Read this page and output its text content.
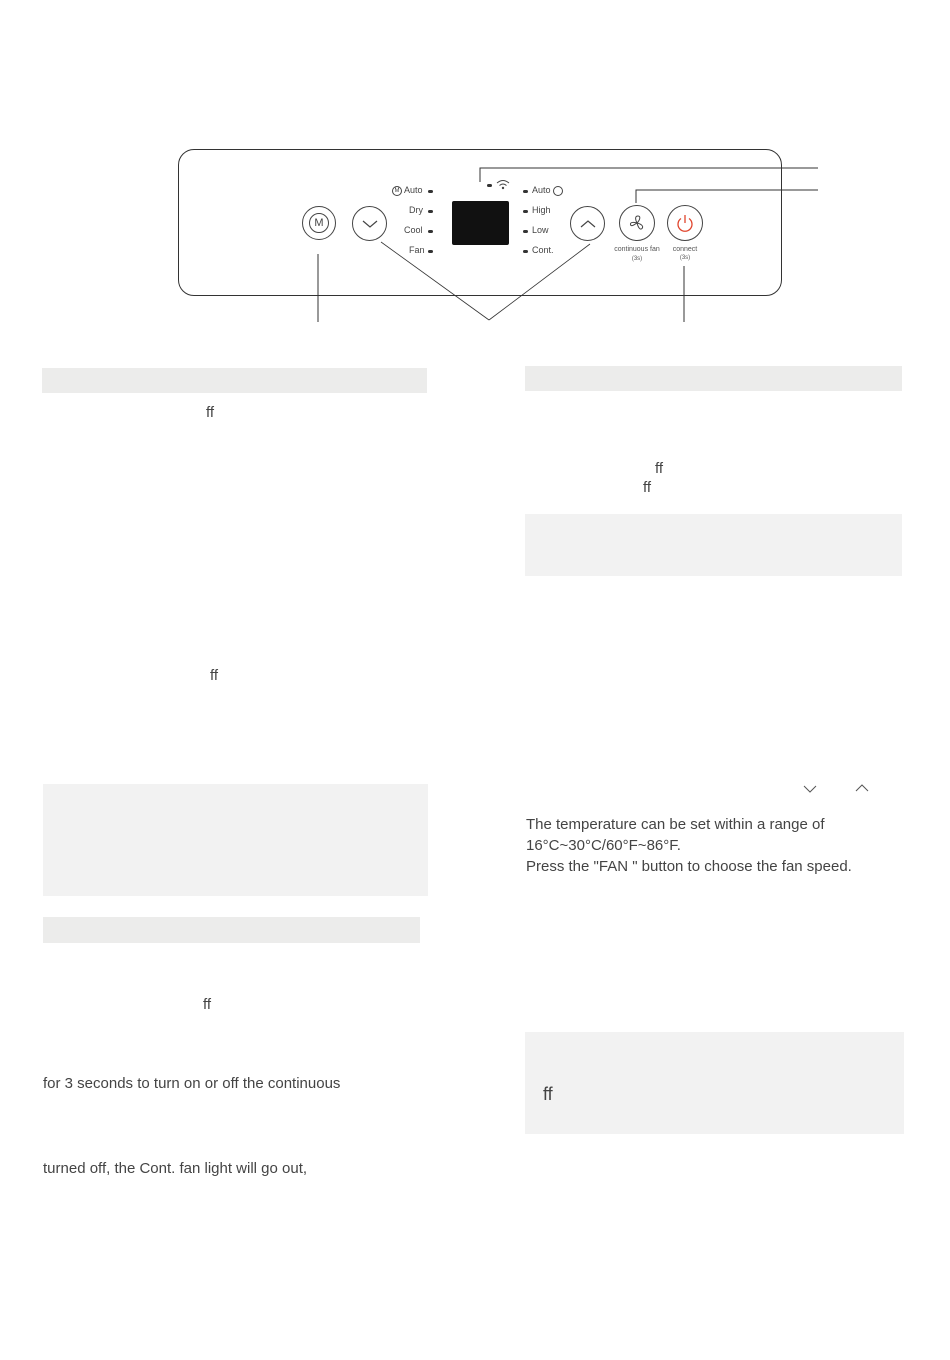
M
M Auto
Dry
Cool
Fan
Auto
High
Low
Cont.	continuous fan
(3s)
connect
(3s)
ff
ff
ff
for 3 seconds to turn on or off the continuous
turned off, the Cont. fan light will go out,
ff
ff
The temperature can be set within a range of
16°C~30°C/60°F~86°F.
Press the "FAN " button to choose the fan speed.
ff
